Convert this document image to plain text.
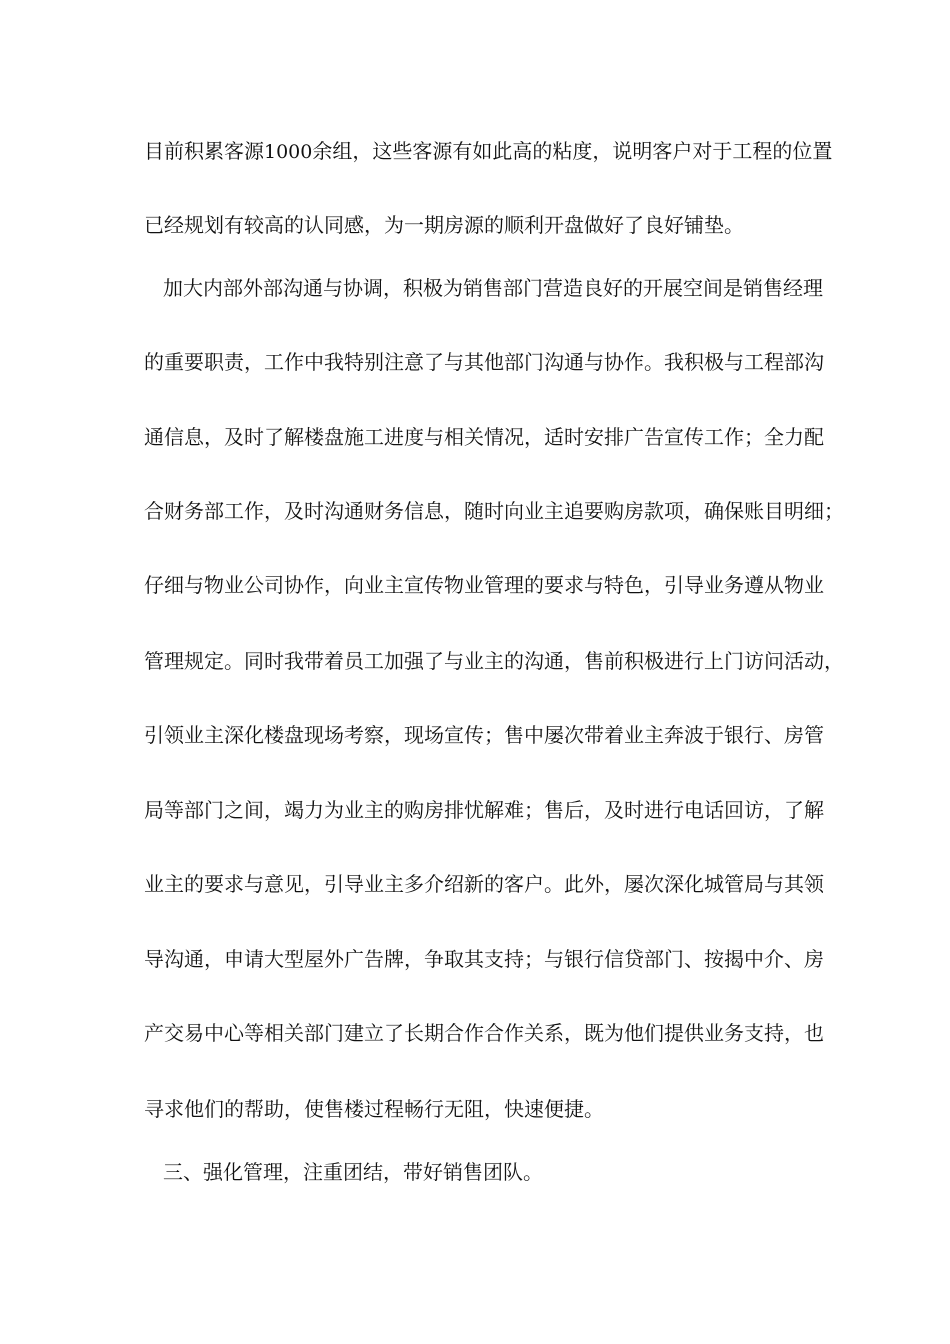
目前积累客源1000余组，这些客源有如此高的粘度，说明客户对于工程的位置
已经规划有较高的认同感，为一期房源的顺利开盘做好了良好铺垫。
加大内部外部沟通与协调，积极为销售部门营造良好的开展空间是销售经理
的重要职责，工作中我特别注意了与其他部门沟通与协作。我积极与工程部沟
通信息，及时了解楼盘施工进度与相关情况，适时安排广告宣传工作；全力配
合财务部工作，及时沟通财务信息，随时向业主追要购房款项，确保账目明细；
仔细与物业公司协作，向业主宣传物业管理的要求与特色，引导业务遵从物业
管理规定。同时我带着员工加强了与业主的沟通，售前积极进行上门访问活动，
引领业主深化楼盘现场考察，现场宣传；售中屡次带着业主奔波于银行、房管
局等部门之间，竭力为业主的购房排忧解难；售后，及时进行电话回访，了解
业主的要求与意见，引导业主多介绍新的客户。此外，屡次深化城管局与其领
导沟通，申请大型屋外广告牌，争取其支持；与银行信贷部门、按揭中介、房
产交易中心等相关部门建立了长期合作合作关系，既为他们提供业务支持，也
寻求他们的帮助，使售楼过程畅行无阻，快速便捷。
三、强化管理，注重团结，带好销售团队。
